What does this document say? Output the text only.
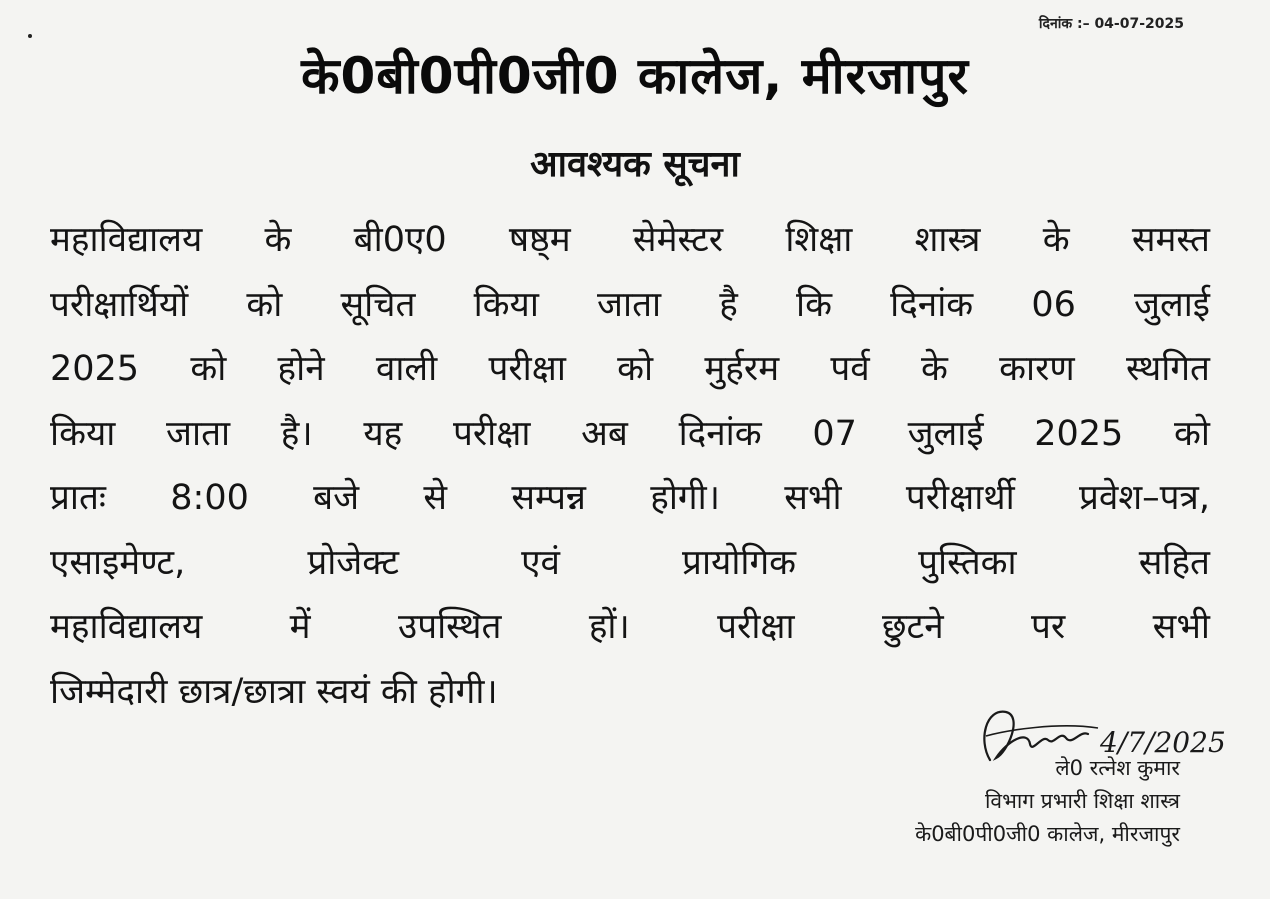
दिनांक :– 04-07-2025
के0बी0पी0जी0 कालेज, मीरजापुर
आवश्यक सूचना
महाविद्यालय के बी0ए0 षष्ठ्म सेमेस्टर शिक्षा शास्त्र के समस्त
परीक्षार्थियों को सूचित किया जाता है कि दिनांक 06 जुलाई
2025 को होने वाली परीक्षा को मुर्हरम पर्व के कारण स्थगित
किया जाता है। यह परीक्षा अब दिनांक 07 जुलाई 2025 को
प्रातः 8:00 बजे से सम्पन्न होगी। सभी परीक्षार्थी प्रवेश–पत्र,
एसाइमेण्ट, प्रोजेक्ट एवं प्रायोगिक पुस्तिका सहित
महाविद्यालय में उपस्थित हों। परीक्षा छुटने पर सभी
जिम्मेदारी छात्र/छात्रा स्वयं की होगी।
4/7/2025
ले0 रत्नेश कुमार
विभाग प्रभारी शिक्षा शास्त्र
के0बी0पी0जी0 कालेज, मीरजापुर
